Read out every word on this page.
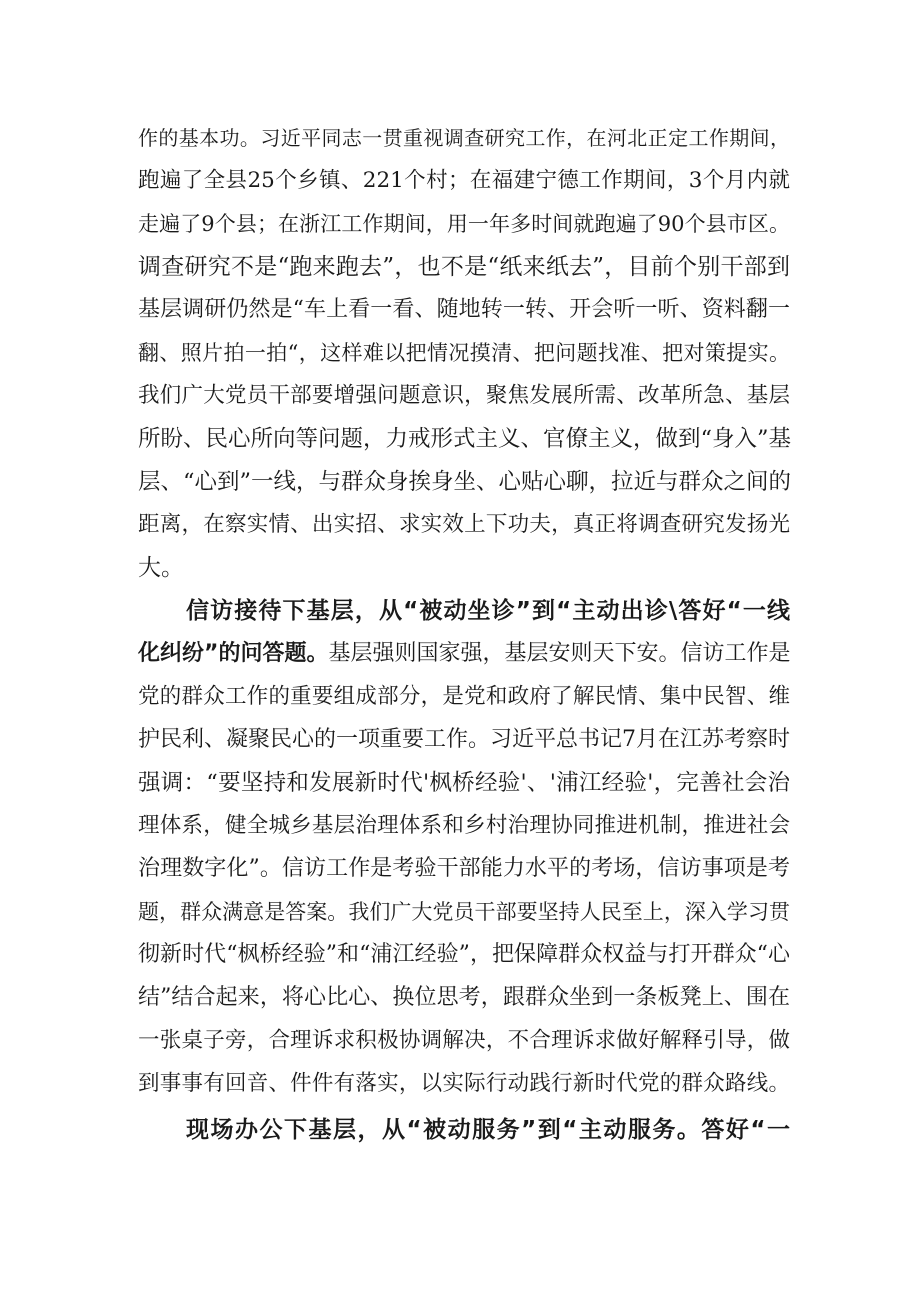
作的基本功。习近平同志一贯重视调查研究工作，在河北正定工作期间，
跑遍了全县25个乡镇、221个村；在福建宁德工作期间，3个月内就
走遍了9个县；在浙江工作期间，用一年多时间就跑遍了90个县市区。
调查研究不是“跑来跑去”，也不是“纸来纸去”，目前个别干部到
基层调研仍然是“车上看一看、随地转一转、开会听一听、资料翻一
翻、照片拍一拍“，这样难以把情况摸清、把问题找准、把对策提实。
我们广大党员干部要增强问题意识，聚焦发展所需、改革所急、基层
所盼、民心所向等问题，力戒形式主义、官僚主义，做到“身入”基
层、“心到”一线，与群众身挨身坐、心贴心聊，拉近与群众之间的
距离，在察实情、出实招、求实效上下功夫，真正将调查研究发扬光
大。
信访接待下基层，从“被动坐诊”到“主动出诊\答好“一线
化纠纷”的问答题。基层强则国家强，基层安则天下安。信访工作是
党的群众工作的重要组成部分，是党和政府了解民情、集中民智、维
护民利、凝聚民心的一项重要工作。习近平总书记7月在江苏考察时
强调：“要坚持和发展新时代'枫桥经验'、'浦江经验'，完善社会治
理体系，健全城乡基层治理体系和乡村治理协同推进机制，推进社会
治理数字化”。信访工作是考验干部能力水平的考场，信访事项是考
题，群众满意是答案。我们广大党员干部要坚持人民至上，深入学习贯
彻新时代“枫桥经验”和“浦江经验”，把保障群众权益与打开群众“心
结”结合起来，将心比心、换位思考，跟群众坐到一条板凳上、围在
一张桌子旁，合理诉求积极协调解决，不合理诉求做好解释引导，做
到事事有回音、件件有落实，以实际行动践行新时代党的群众路线。
现场办公下基层，从“被动服务”到“主动服务。答好“一
